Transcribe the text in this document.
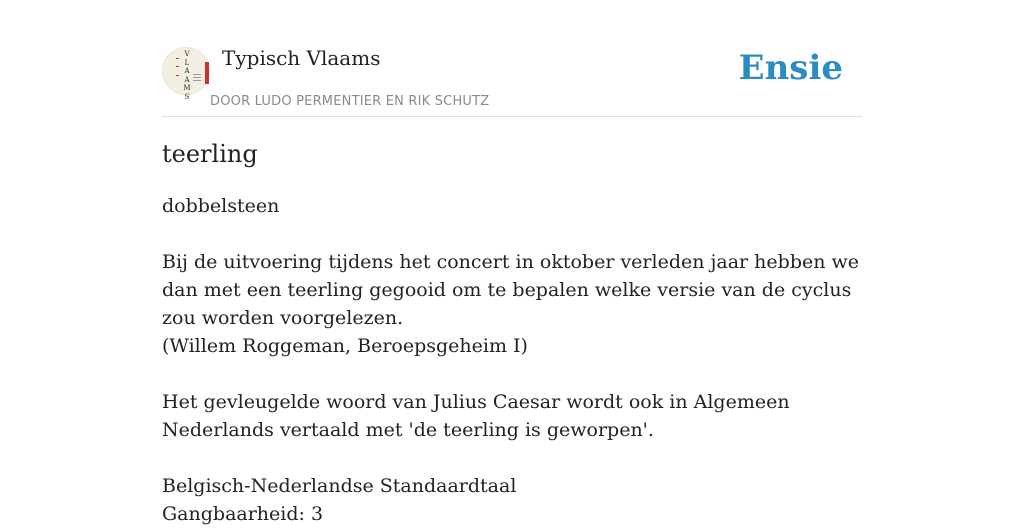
V
L
A
A
M
S
Typisch Vlaams
DOOR LUDO PERMENTIER EN RIK SCHUTZ
Ensie
teerling

dobbelsteen

Bij de uitvoering tijdens het concert in oktober verleden jaar hebben we dan met een teerling gegooid om te bepalen welke versie van de cyclus zou worden voorgelezen.

(Willem Roggeman, Beroepsgeheim I)

Het gevleugelde woord van Julius Caesar wordt ook in Algemeen Nederlands vertaald met 'de teerling is geworpen'.

Belgisch-Nederlandse Standaardtaal

Gangbaarheid: 3
